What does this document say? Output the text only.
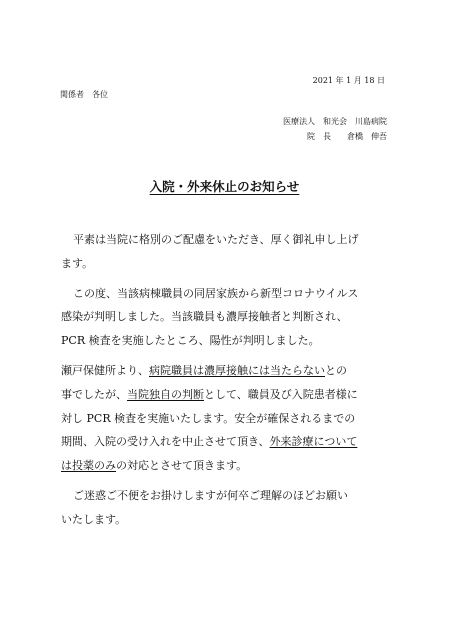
2021 年 1 月 18 日
関係者　各位
医療法人　和光会　川島病院
院　長　　倉橋　伸吾
入院・外来休止のお知らせ
平素は当院に格別のご配慮をいただき、厚く御礼申し上げ
ます。
この度、当該病棟職員の同居家族から新型コロナウイルス
感染が判明しました。当該職員も濃厚接触者と判断され、
PCR 検査を実施したところ、陽性が判明しました。
瀬戸保健所より、病院職員は濃厚接触には当たらないとの
事でしたが、当院独自の判断として、職員及び入院患者様に
対し PCR 検査を実施いたします。安全が確保されるまでの
期間、入院の受け入れを中止させて頂き、外来診療について
は投薬のみの対応とさせて頂きます。
ご迷惑ご不便をお掛けしますが何卒ご理解のほどお願い
いたします。
